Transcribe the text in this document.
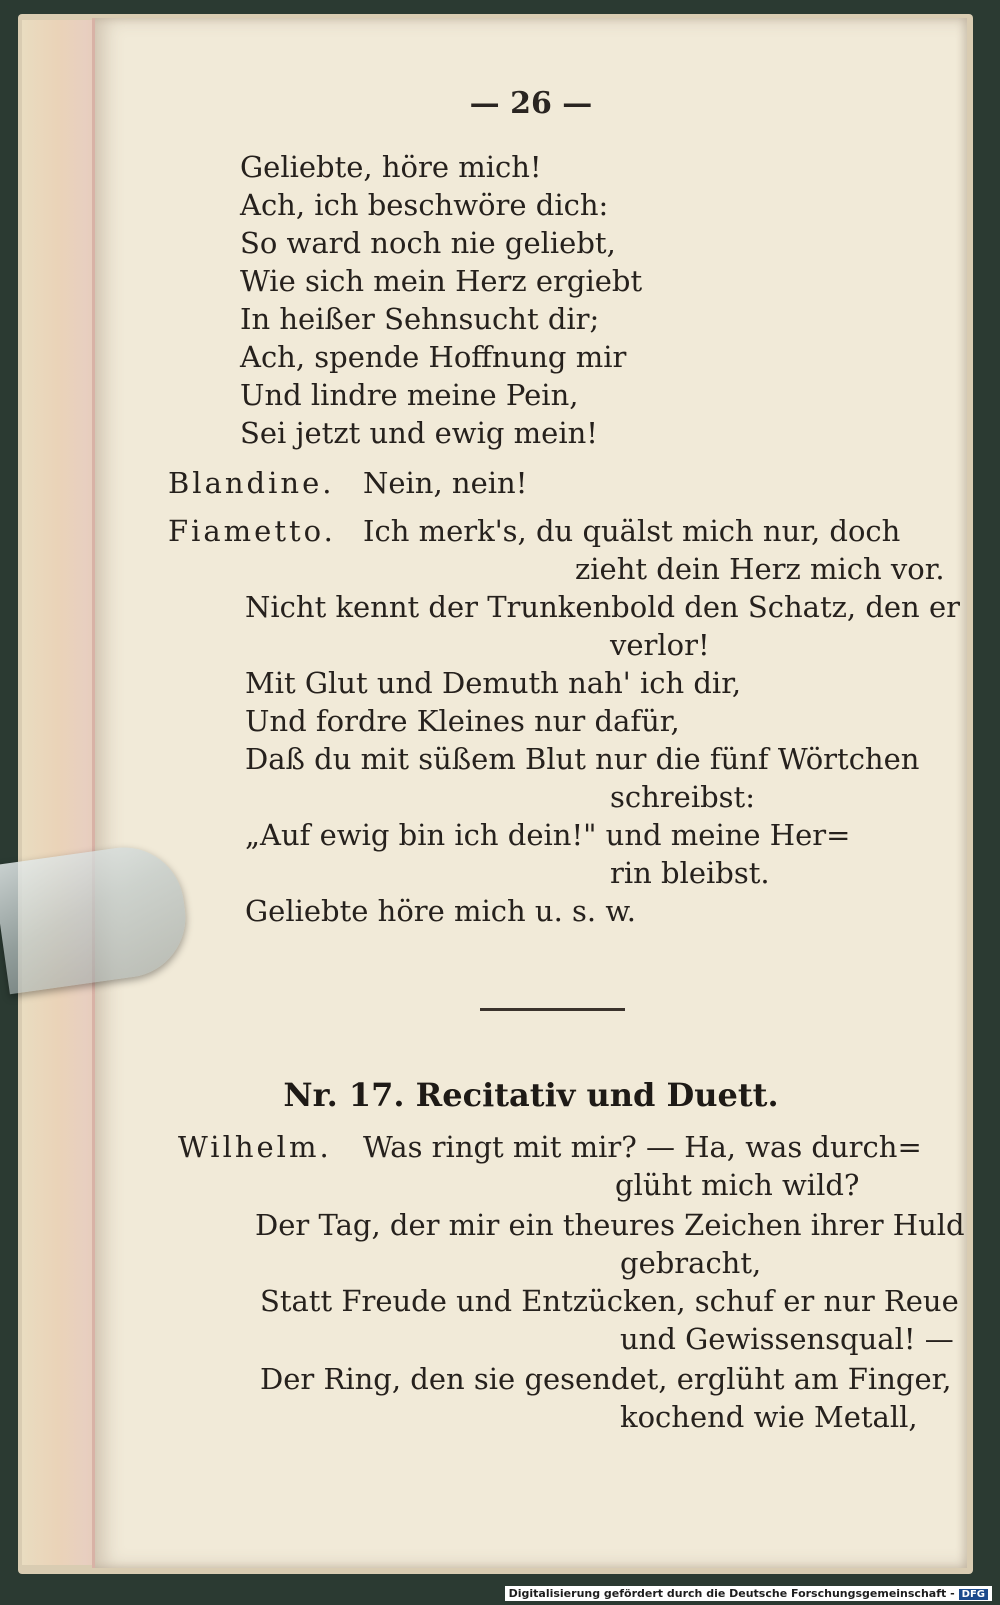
— 26 —
Geliebte, höre mich!
Ach, ich beschwöre dich:
So ward noch nie geliebt,
Wie sich mein Herz ergiebt
In heißer Sehnsucht dir;
Ach, spende Hoffnung mir
Und lindre meine Pein,
Sei jetzt und ewig mein!
Blandine. Nein, nein!
Fiametto. Ich merk's, du quälst mich nur, doch
zieht dein Herz mich vor.
Nicht kennt der Trunkenbold den Schatz, den er
verlor!
Mit Glut und Demuth nah' ich dir,
Und fordre Kleines nur dafür,
Daß du mit süßem Blut nur die fünf Wörtchen
schreibst:
„Auf ewig bin ich dein!" und meine Her=
rin bleibst.
Geliebte höre mich u. s. w.
Nr. 17. Recitativ und Duett.
Wilhelm. Was ringt mit mir? — Ha, was durch=
glüht mich wild?
Der Tag, der mir ein theures Zeichen ihrer Huld
gebracht,
Statt Freude und Entzücken, schuf er nur Reue
und Gewissensqual! —
Der Ring, den sie gesendet, erglüht am Finger,
kochend wie Metall,
Digitalisierung gefördert durch die Deutsche Forschungsgemeinschaft - DFG
